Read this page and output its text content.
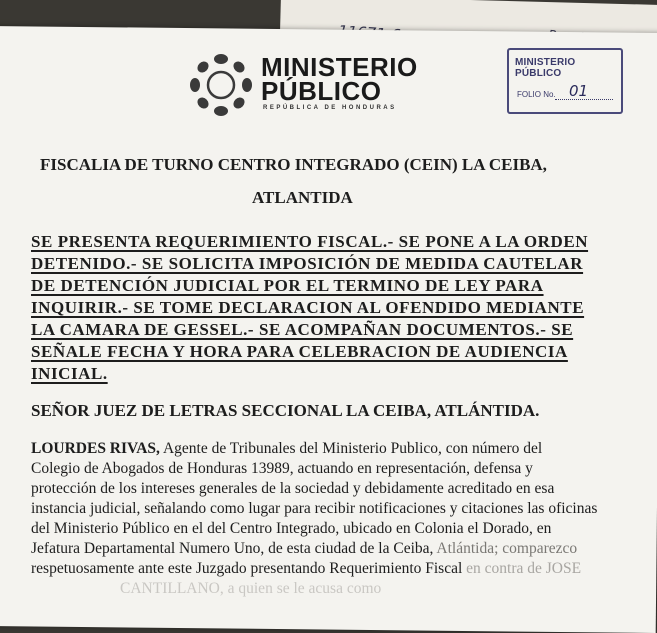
MINISTERIO
PÚBLICO
REPÚBLICA DE HONDURAS
MINISTERIO PÚBLICO
FOLIO No. 01
FISCALIA DE TURNO CENTRO INTEGRADO (CEIN) LA CEIBA,
ATLANTIDA
SE PRESENTA REQUERIMIENTO FISCAL.- SE PONE A LA ORDEN
DETENIDO.- SE SOLICITA IMPOSICIÓN DE MEDIDA CAUTELAR
DE DETENCIÓN JUDICIAL POR EL TERMINO DE LEY PARA
INQUIRIR.- SE TOME DECLARACION AL OFENDIDO MEDIANTE
LA CAMARA DE GESSEL.- SE ACOMPAÑAN DOCUMENTOS.- SE
SEÑALE FECHA Y HORA PARA CELEBRACION DE AUDIENCIA
INICIAL.
SEÑOR JUEZ DE LETRAS SECCIONAL LA CEIBA, ATLÁNTIDA.
LOURDES RIVAS, Agente de Tribunales del Ministerio Publico, con número del
Colegio de Abogados de Honduras 13989, actuando en representación, defensa y
protección de los intereses generales de la sociedad y debidamente acreditado en esa
instancia judicial, señalando como lugar para recibir notificaciones y citaciones las oficinas
del Ministerio Público en el del Centro Integrado, ubicado en Colonia el Dorado, en
Jefatura Departamental Numero Uno, de esta ciudad de la Ceiba, Atlántida; comparezco
respetuosamente ante este Juzgado presentando Requerimiento Fiscal en contra de JOSE
CANTILLANO, a quien se le acusa como
